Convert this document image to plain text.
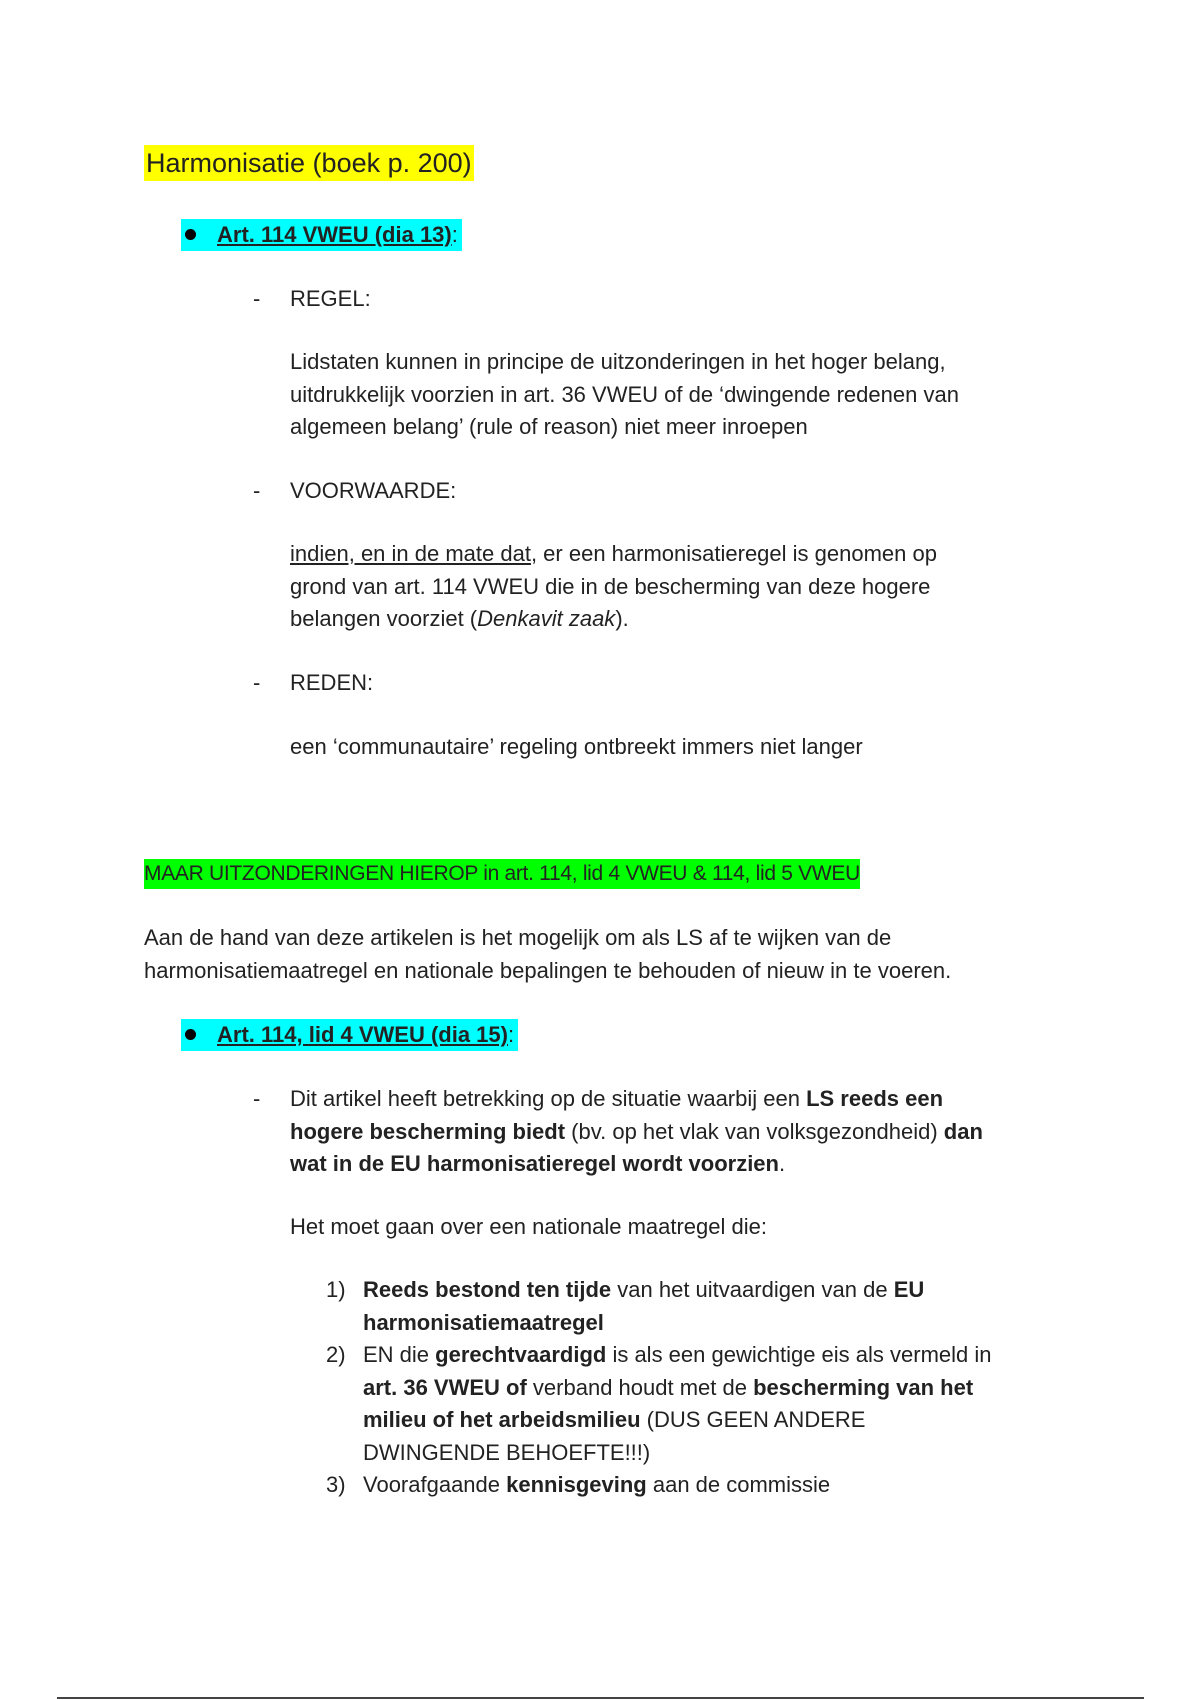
Harmonisatie (boek p. 200)
Art. 114 VWEU (dia 13):
- REGEL:
Lidstaten kunnen in principe de uitzonderingen in het hoger belang,
uitdrukkelijk voorzien in art. 36 VWEU of de ‘dwingende redenen van
algemeen belang’ (rule of reason) niet meer inroepen
- VOORWAARDE:
indien, en in de mate dat, er een harmonisatieregel is genomen op
grond van art. 114 VWEU die in de bescherming van deze hogere
belangen voorziet (Denkavit zaak).
- REDEN:
een ‘communautaire’ regeling ontbreekt immers niet langer
MAAR UITZONDERINGEN HIEROP in art. 114, lid 4 VWEU & 114, lid 5 VWEU
Aan de hand van deze artikelen is het mogelijk om als LS af te wijken van de
harmonisatiemaatregel en nationale bepalingen te behouden of nieuw in te voeren.
Art. 114, lid 4 VWEU (dia 15):
- Dit artikel heeft betrekking op de situatie waarbij een LS reeds een
hogere bescherming biedt (bv. op het vlak van volksgezondheid) dan
wat in de EU harmonisatieregel wordt voorzien.
Het moet gaan over een nationale maatregel die:
1) Reeds bestond ten tijde van het uitvaardigen van de EU
harmonisatiemaatregel
2) EN die gerechtvaardigd is als een gewichtige eis als vermeld in
art. 36 VWEU of verband houdt met de bescherming van het
milieu of het arbeidsmilieu (DUS GEEN ANDERE
DWINGENDE BEHOEFTE!!!)
3) Voorafgaande kennisgeving aan de commissie
